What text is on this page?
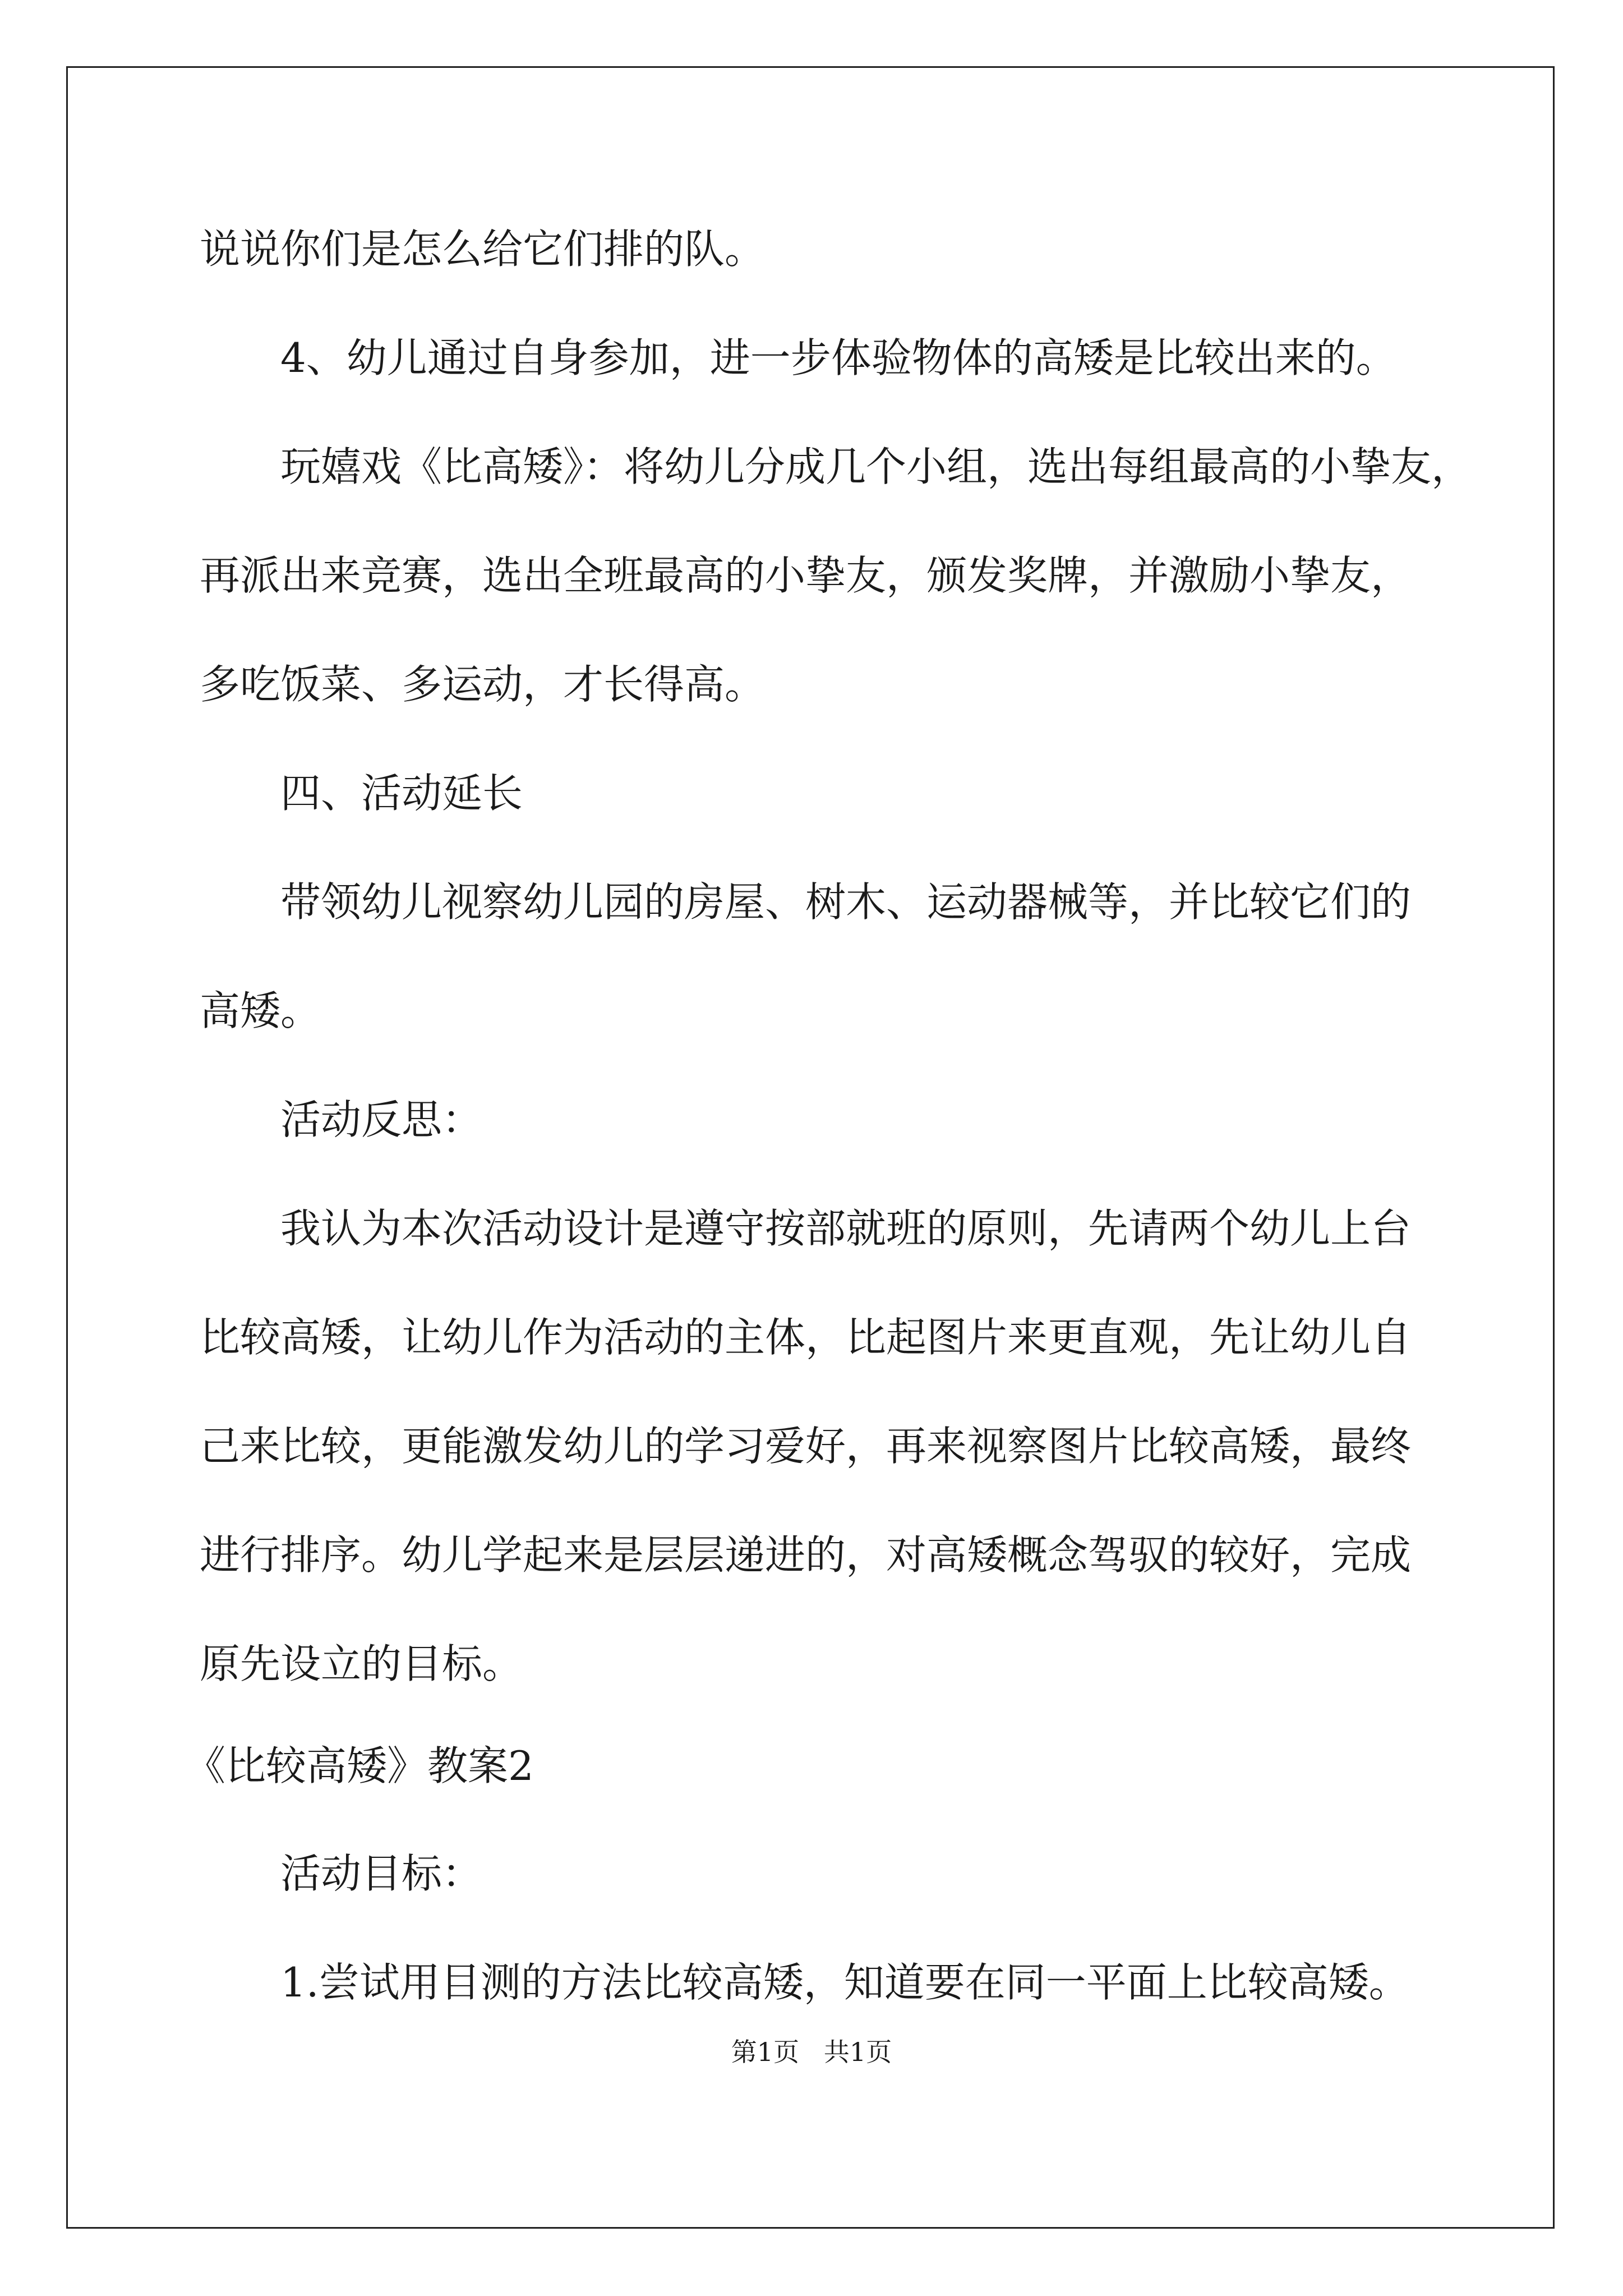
说说你们是怎么给它们排的队。
4、幼儿通过自身参加，进一步体验物体的高矮是比较出来的。
玩嬉戏《比高矮》：将幼儿分成几个小组，选出每组最高的小挚友，
再派出来竞赛，选出全班最高的小挚友，颁发奖牌，并激励小挚友，
多吃饭菜、多运动，才长得高。
四、活动延长
带领幼儿视察幼儿园的房屋、树木、运动器械等，并比较它们的
高矮。
活动反思：
我认为本次活动设计是遵守按部就班的原则，先请两个幼儿上台
比较高矮，让幼儿作为活动的主体，比起图片来更直观，先让幼儿自
己来比较，更能激发幼儿的学习爱好，再来视察图片比较高矮，最终
进行排序。幼儿学起来是层层递进的，对高矮概念驾驭的较好，完成
原先设立的目标。
《比较高矮》教案2
活动目标：
1.尝试用目测的方法比较高矮，知道要在同一平面上比较高矮。
第1页   共1页
